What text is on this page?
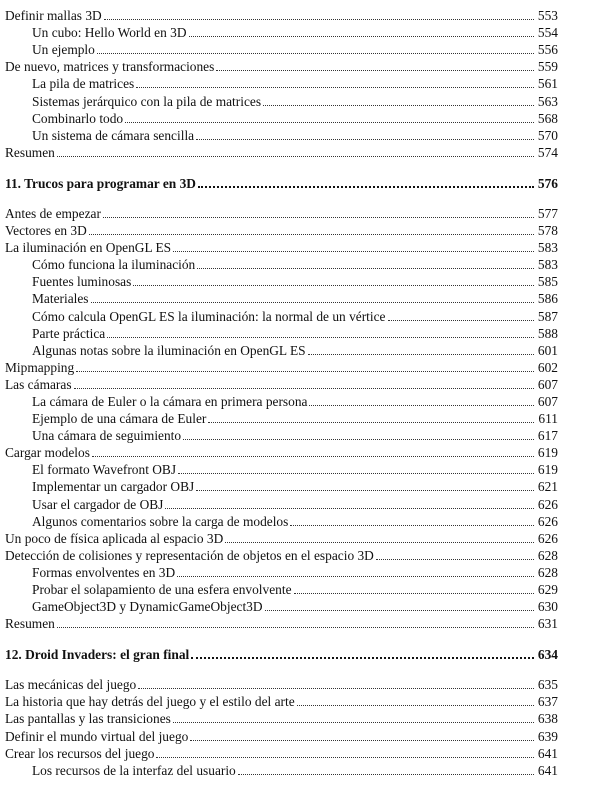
Definir mallas 3D	553
Un cubo: Hello World en 3D	554
Un ejemplo	556
De nuevo, matrices y transformaciones	559
La pila de matrices	561
Sistemas jerárquico con la pila de matrices	563
Combinarlo todo	568
Un sistema de cámara sencilla	570
Resumen	574
11. Trucos para programar en 3D	576
Antes de empezar	577
Vectores en 3D	578
La iluminación en OpenGL ES	583
Cómo funciona la iluminación	583
Fuentes luminosas	585
Materiales	586
Cómo calcula OpenGL ES la iluminación: la normal de un vértice	587
Parte práctica	588
Algunas notas sobre la iluminación en OpenGL ES	601
Mipmapping	602
Las cámaras	607
La cámara de Euler o la cámara en primera persona	607
Ejemplo de una cámara de Euler	611
Una cámara de seguimiento	617
Cargar modelos	619
El formato Wavefront OBJ	619
Implementar un cargador OBJ	621
Usar el cargador de OBJ	626
Algunos comentarios sobre la carga de modelos	626
Un poco de física aplicada al espacio 3D	626
Detección de colisiones y representación de objetos en el espacio 3D	628
Formas envolventes en 3D	628
Probar el solapamiento de una esfera envolvente	629
GameObject3D y DynamicGameObject3D	630
Resumen	631
12. Droid Invaders: el gran final	634
Las mecánicas del juego	635
La historia que hay detrás del juego y el estilo del arte	637
Las pantallas y las transiciones	638
Definir el mundo virtual del juego	639
Crear los recursos del juego	641
Los recursos de la interfaz del usuario	641
